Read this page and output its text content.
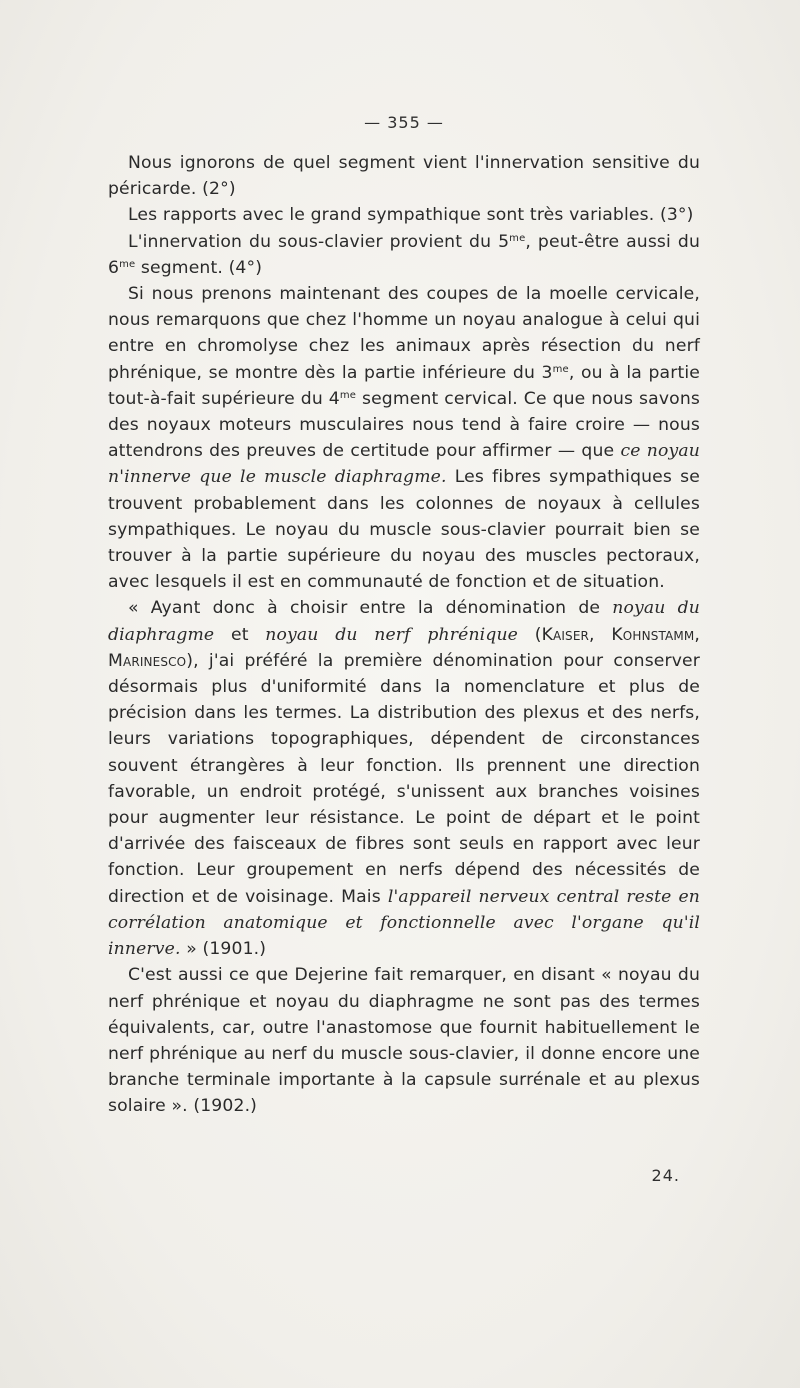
— 355 —

Nous ignorons de quel segment vient l'innervation sensitive du péricarde. (2°)

Les rapports avec le grand sympathique sont très variables. (3°)

L'innervation du sous-clavier provient du $5^{me}$, peut-être aussi du $6^{me}$ segment. (4°)

Si nous prenons maintenant des coupes de la moelle cervicale, nous remarquons que chez l'homme un noyau analogue à celui qui entre en chromolyse chez les animaux après résection du nerf phrénique, se montre dès la partie inférieure du $3^{me}$, ou à la partie tout-à-fait supérieure du $4^{me}$ segment cervical. Ce que nous savons des noyaux moteurs musculaires nous tend à faire croire — nous attendrons des preuves de certitude pour affirmer — que ce noyau n'innerve que le muscle diaphragme. Les fibres sympathiques se trouvent probablement dans les colonnes de noyaux à cellules sympathiques. Le noyau du muscle sous-clavier pourrait bien se trouver à la partie supérieure du noyau des muscles pectoraux, avec lesquels il est en communauté de fonction et de situation.

« Ayant donc à choisir entre la dénomination de noyau du diaphragme et noyau du nerf phrénique (Kaiser, Kohnstamm, Marinesco), j'ai préféré la première dénomination pour conserver désormais plus d'uniformité dans la nomenclature et plus de précision dans les termes. La distribution des plexus et des nerfs, leurs variations topographiques, dépendent de circonstances souvent étrangères à leur fonction. Ils prennent une direction favorable, un endroit protégé, s'unissent aux branches voisines pour augmenter leur résistance. Le point de départ et le point d'arrivée des faisceaux de fibres sont seuls en rapport avec leur fonction. Leur groupement en nerfs dépend des nécessités de direction et de voisinage. Mais l'appareil nerveux central reste en corrélation anatomique et fonctionnelle avec l'organe qu'il innerve. » (1901.)

C'est aussi ce que Dejerine fait remarquer, en disant « noyau du nerf phrénique et noyau du diaphragme ne sont pas des termes équivalents, car, outre l'anastomose que fournit habituellement le nerf phrénique au nerf du muscle sous-clavier, il donne encore une branche terminale importante à la capsule surrénale et au plexus solaire ». (1902.)

24.
